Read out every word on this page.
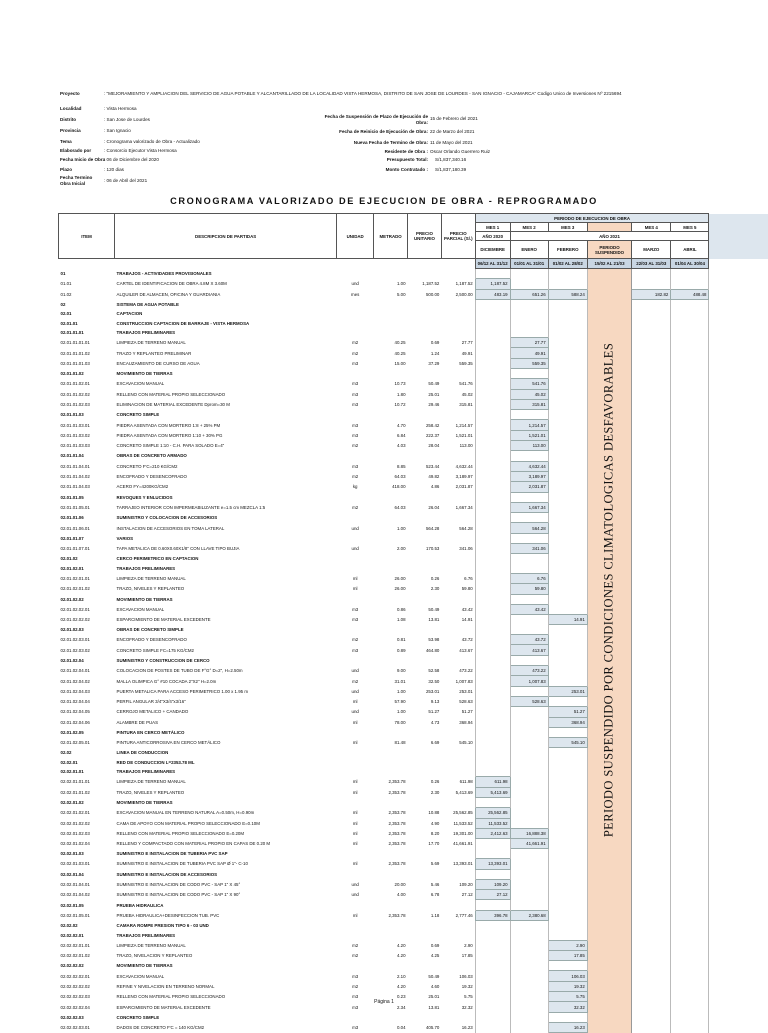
Proyecto	: "MEJORAMIENTO Y AMPLIACION DEL SERVICIO DE AGUA POTABLE Y ALCANTARILLADO DE LA LOCALIDAD VISTA HERMOSA, DISTRITO DE SAN JOSE DE LOURDES - SAN IGNACIO - CAJAMARCA" Codigo Unico de Inversiones Nº 2215694
Localidad	: Vista Hermosa
Distrito	: San Jose de Lourdes
Provincia	: San Ignacio
Tema	: Cronograma valorizado de Obra - Actualizado
Elaborado por	: Consorcio Ejecutor Vista Hermosa
Fecha Inicio de Obra
: 06 de Diciembre del 2020
Plazo	: 120 dias
Fecha Termino Obra Inicial	: 06 de Abril del 2021
Fecha de Suspensión de Plazo de Ejecución de Obra:
15 de Febrero del 2021
Fecha de Reinicio de Ejecución de Obra: 22 de Marzo del 2021
Nueva Fecha de Termino de Obra: 11 de Mayo del 2021
Residente de Obra : Oscar Orlando Guerrero Ruiz
Presupuesto Total: S/1,837,340.16
Monto Contratado : S/1,837,180.39
CRONOGRAMA VALORIZADO DE EJECUCION DE OBRA - REPROGRAMADO
ITEM	DESCRIPCION DE PARTIDAS	UNIDAD	METRADO	PRECIO UNITARIO	PRECIO PARCIAL (S/.)	PERIODO DE EJECUCION DE OBRA						
						MES 1	MES 2	MES 3		MES 4	MES 5	
						AÑO 2020	AÑO 2021					
						DICIEMBRE	ENERO	FEBRERO	PERIODO SUSPENDIDO	MARZO	ABRIL	
						06/12 AL 31/12	01/01 AL 31/01	01/02 AL 28/02	15/02 AL 21/03	22/03 AL 31/03	01/04 AL 30/04	
01	TRABAJOS - ACTIVIDADES PROVISIONALES											
01.01	CARTEL DE IDENTIFICACION DE OBRA 4.8M X 3.60M	und	1.00	1,187.52	1,187.52	1,187.52						
01.02	ALQUILER DE ALMACEN, OFICINA Y GUARDIANIA	mes	5.00	500.00	2,500.00	483.19	651.26	588.24		182.82	488.48	
02	SISTEMA DE AGUA POTABLE											
02.01	CAPTACION											
02.01.01	CONSTRUCCION CAPTACION DE BARRAJE - VISTA HERMOSA											
02.01.01.01	TRABAJOS PRELIMINARES											
02.01.01.01.01	LIMPIEZA DE TERRENO MANUAL	m2	40.25	0.69	27.77		27.77					
02.01.01.01.02	TRAZO Y REPLANTEO PRELIMINAR	m2	40.25	1.24	49.91		49.91					
02.01.01.01.03	ENCAUZAMIENTO DE CURSO DE AGUA	m3	15.00	37.29	559.35		559.35					
02.01.01.02	MOVIMIENTO DE TIERRAS											
02.01.01.02.01	EXCAVACION MANUAL	m3	10.73	50.49	541.76		541.76					
02.01.01.02.02	RELLENO CON MATERIAL PROPIO SELECCIONADO	m3	1.80	25.01	45.02		45.02					
02.01.01.02.03	ELIMINACION DE MATERIAL EXCEDENTE Dprom=30 M	m3	10.72	29.46	315.81		315.81					
02.01.01.03	CONCRETO SIMPLE											
02.01.01.03.01	PIEDRA ASENTADA CON MORTERO 1:8 + 25% PM	m3	4.70	258.42	1,214.57		1,214.57					
02.01.01.03.02	PIEDRA ASENTADA CON MORTERO 1:10 + 30% PG	m3	6.84	222.37	1,521.01		1,521.01					
02.01.01.03.03	CONCRETO SIMPLE 1:10 - C.H. PARA SOLADO E=4"	m2	4.03	28.04	113.00		113.00					
02.01.01.04	OBRAS DE CONCRETO ARMADO											
02.01.01.04.01	CONCRETO F'C=210 KG/CM2	m3	8.85	523.44	4,632.44		4,632.44					
02.01.01.04.02	ENCOFRADO Y DESENCOFRADO	m2	64.03	49.82	3,189.97		3,189.97					
02.01.01.04.03	ACERO FY=4200KG/CM2	kg	418.00	4.86	2,031.87		2,031.87					
02.01.01.05	REVOQUES Y ENLUCIDOS											
02.01.01.05.01	TARRAJEO INTERIOR CON IMPERMEABILIZANTE e=1.5 cm MEZCLA 1:5	m2	64.03	26.04	1,667.34		1,667.34					
02.01.01.06	SUMINISTRO Y COLOCACION DE ACCESORIOS											
02.01.01.06.01	INSTALACION DE ACCESORIOS EN TOMA LATERAL	und	1.00	564.28	564.28		564.28					
02.01.01.07	VARIOS											
02.01.01.07.01	TAPA METALICA DE 0.60X0.60X1/8" CON LLAVE TIPO BUJIA	und	2.00	170.53	341.06		341.06					
02.01.02	CERCO PERIMETRICO EN CAPTACION											
02.01.02.01	TRABAJOS PRELIMINARES											
02.01.02.01.01	LIMPIEZA DE TERRENO MANUAL	ml	26.00	0.26	6.76		6.76					
02.01.02.01.02	TRAZO, NIVELES Y REPLANTEO	ml	26.00	2.30	59.80		59.80					
02.01.02.02	MOVIMIENTO DE TIERRAS											
02.01.02.02.01	EXCAVACION MANUAL	m3	0.86	50.49	43.42		43.42					
02.01.02.02.02	ESPARCIMIENTO DE MATERIAL EXCEDENTE	m3	1.08	13.81	14.91			14.91				
02.01.02.03	OBRAS DE CONCRETO SIMPLE											
02.01.02.03.01	ENCOFRADO Y DESENCOFRADO	m2	0.81	53.98	43.72		43.72					
02.01.02.03.02	CONCRETO SIMPLE FC=175 KG/CM2	m3	0.89	464.80	413.67		413.67					
02.01.02.04	SUMINISTRO Y CONSTRUCCION DE CERCO											
02.01.02.04.01	COLOCACION DE POSTES DE TUBO DE F°G° D=2", H=2.50m	und	9.00	52.58	473.22		473.22					
02.01.02.04.02	MALLA OLIMPICA G° #10 COCADA 2"X2" H=2.0m	m2	31.01	32.50	1,007.83		1,007.83					
02.01.02.04.03	PUERTA METALICA PARA ACCESO PERIMETRICO 1.00 x 1.95 m	und	1.00	253.01	253.01			253.01				
02.01.02.04.04	PERFIL ANGULAR 3/4"X3/4"x3/16"	ml	57.90	9.13	528.63		528.63					
02.01.02.04.05	CERROJO METALICO + CANDADO	und	1.00	51.27	51.27			51.27				
02.01.02.04.06	ALAMBRE DE PUAS	ml	78.00	4.73	368.94			368.94				
02.01.02.05	PINTURA EN CERCO METÁLICO											
02.01.02.05.01	PINTURA ANTICORROSIVA EN CERCO METÁLICO	ml	81.48	6.69	545.10			545.10				
02.02	LINEA DE CONDUCCION											
02.02.01	RED DE CONDUCCION L=2353.78 ML											
02.02.01.01	TRABAJOS PRELIMINARES											
02.02.01.01.01	LIMPIEZA DE TERRENO MANUAL	ml	2,353.78	0.26	611.98	611.98						
02.02.01.01.02	TRAZO, NIVELES Y REPLANTEO	ml	2,353.78	2.30	5,413.69	5,413.69						
02.02.01.02	MOVIMIENTO DE TIERRAS											
02.02.01.02.01	EXCAVACION MANUAL EN TERRENO NATURAL A=0.50m, H=0.90m	ml	2,353.78	10.88	25,562.85	25,562.85						
02.02.01.02.02	CAMA DE APOYO CON MATERIAL PROPIO SELECCIONADO E=0.10M	ml	2,353.78	4.90	11,533.52	11,533.52						
02.02.01.02.03	RELLENO CON MATERIAL PROPIO SELECCIONADO E=0.20M	ml	2,353.78	8.20	19,301.00	2,412.63	16,888.38					
02.02.01.02.04	RELLENO Y COMPACTADO CON MATERIAL PROPIO EN CAPAS DE 0.20 M	ml	2,353.78	17.70	41,661.91		41,661.91					
02.02.01.03	SUMINISTRO E INSTALACION DE TUBERIA PVC SAP											
02.02.01.03.01	SUMINISTRO E INSTALACION DE TUBERIA PVC SAP Ø 1"- C-10	ml	2,353.78	5.69	13,393.01	13,393.01						
02.02.01.04	SUMINISTRO E INSTALACION DE ACCESORIOS											
02.02.01.04.01	SUMINISTRO E INSTALACION DE CODO PVC - SAP 1" X 45°	und	20.00	5.46	109.20	109.20						
02.02.01.04.02	SUMINISTRO E INSTALACION DE CODO PVC - SAP 1" X 90°	und	4.00	6.78	27.12	27.12						
02.02.01.05	PRUEBA HIDRAULICA											
02.02.01.05.01	PRUEBA HIDRAULICA+DESINFECCION TUB. PVC	ml	2,353.78	1.18	2,777.46	396.78	2,380.68					
02.02.02	CAMARA ROMPE PRESION TIPO 6 - 03 UND											
02.02.02.01	TRABAJOS PRELIMINARES											
02.02.02.01.01	LIMPIEZA DE TERRENO MANUAL	m2	4.20	0.69	2.90			2.90				
02.02.02.01.02	TRAZO, NIVELACION Y REPLANTEO	m2	4.20	4.25	17.85			17.85				
02.02.02.02	MOVIMIENTO DE TIERRAS											
02.02.02.02.01	EXCAVACION MANUAL	m3	2.10	50.49	106.03			106.03				
02.02.02.02.02	REFINE Y NIVELACION EN TERRENO NORMAL	m2	4.20	4.60	19.32			19.32				
02.02.02.02.03	RELLENO CON MATERIAL PROPIO SELECCIONADO	m3	0.23	25.01	5.75			5.75				
02.02.02.02.04	ESPARCIMIENTO DE MATERIAL EXCEDENTE	m3	2.34	13.81	32.32			32.32				
02.02.02.03	CONCRETO SIMPLE											
02.02.02.03.01	DADOS DE CONCRETO F'C = 140 KG/CM2	m3	0.04	405.70	16.23			16.23				
PERIODO SUSPENDIDO POR CONDICIONES CLIMATOLOGICAS DESFAVORABLES
Página 1
